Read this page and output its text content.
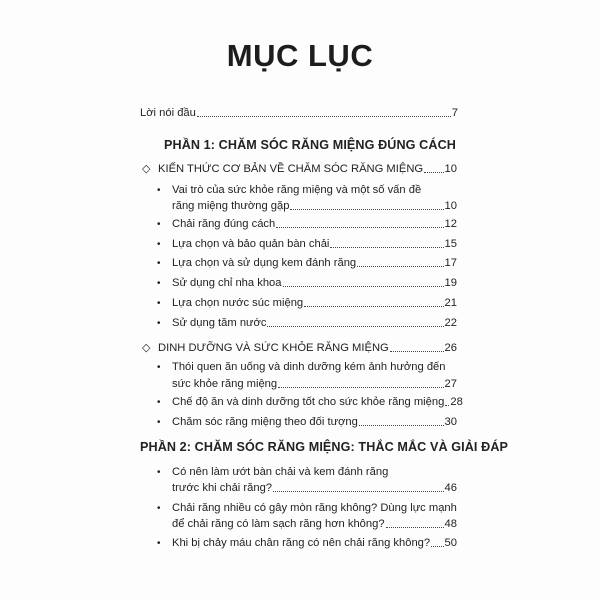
MỤC LỤC
Lời nói đầu	7
PHẦN 1: CHĂM SÓC RĂNG MIỆNG ĐÚNG CÁCH
◇ KIẾN THỨC CƠ BẢN VỀ CHĂM SÓC RĂNG MIỆNG 10
• Vai trò của sức khỏe răng miệng và một số vấn đề
răng miệng thường gặp	10
• Chải răng đúng cách	12
• Lựa chọn và bảo quản bàn chải	15
• Lựa chọn và sử dụng kem đánh răng	17
• Sử dụng chỉ nha khoa	19
• Lựa chọn nước súc miệng	21
• Sử dụng tăm nước	22
◇ DINH DƯỠNG VÀ SỨC KHỎE RĂNG MIỆNG	26
• Thói quen ăn uống và dinh dưỡng kém ảnh hưởng đến
sức khỏe răng miệng	27
• Chế độ ăn và dinh dưỡng tốt cho sức khỏe răng miệng 28
• Chăm sóc răng miệng theo đối tượng	30
PHẦN 2: CHĂM SÓC RĂNG MIỆNG: THẮC MẮC VÀ GIẢI ĐÁP
• Có nên làm ướt bàn chải và kem đánh răng
trước khi chải răng?	46
• Chải răng nhiều có gây mòn răng không? Dùng lực mạnh
để chải răng có làm sạch răng hơn không?	48
• Khi bị chảy máu chân răng có nên chải răng không? 50
